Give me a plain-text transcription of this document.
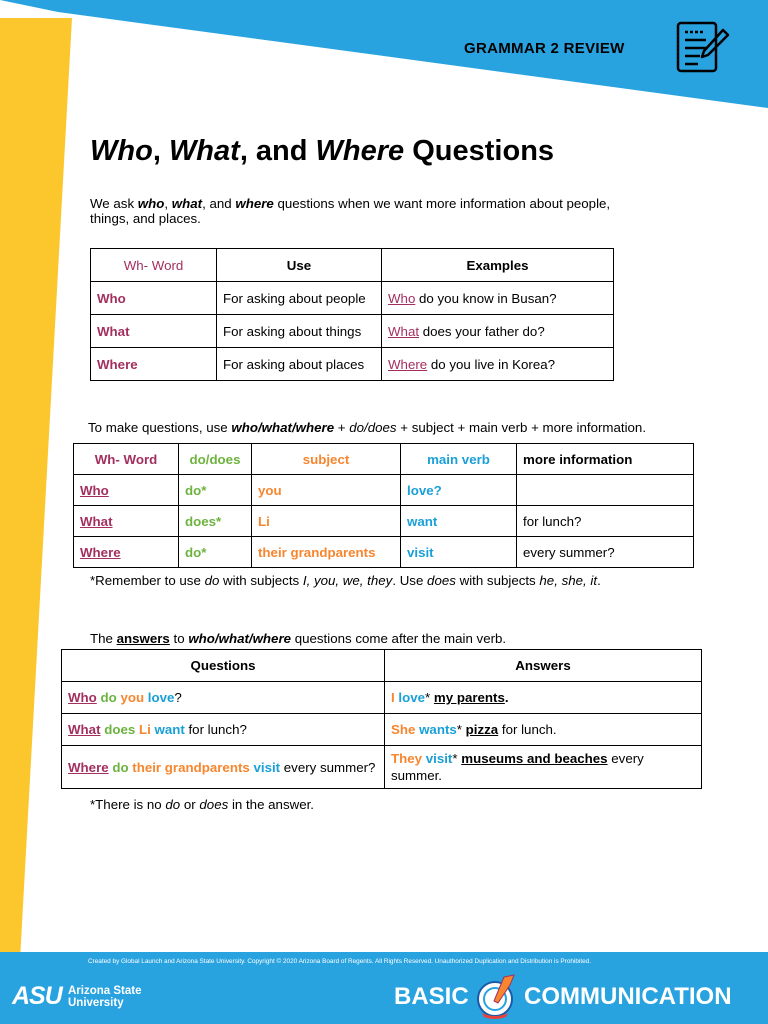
GRAMMAR 2 REVIEW
Who, What, and Where Questions

We ask who, what, and where questions when we want more information about people,
things, and places.

Wh- Word	Use	Examples
Who	For asking about people	Who do you know in Busan?
What	For asking about things	What does your father do?
Where	For asking about places	Where do you live in Korea?

To make questions, use who/what/where + do/does + subject + main verb + more information.

Wh- Word	do/does	subject	main verb	more information
Who	do*	you	love?	
What	does*	Li	want	for lunch?
Where	do*	their grandparents	visit	every summer?

*Remember to use do with subjects I, you, we, they. Use does with subjects he, she, it.

The answers to who/what/where questions come after the main verb.

Questions	Answers
Who do you love?	I love* my parents.
What does Li want for lunch?	She wants* pizza for lunch.
Where do their grandparents visit every summer?	They visit* museums and beaches every summer.

*There is no do or does in the answer.

Created by Global Launch and Arizona State University. Copyright © 2020 Arizona Board of Regents. All Rights Reserved. Unauthorized Duplication and Distribution is Prohibited.
ASU Arizona State
University	BASIC COMMUNICATION
